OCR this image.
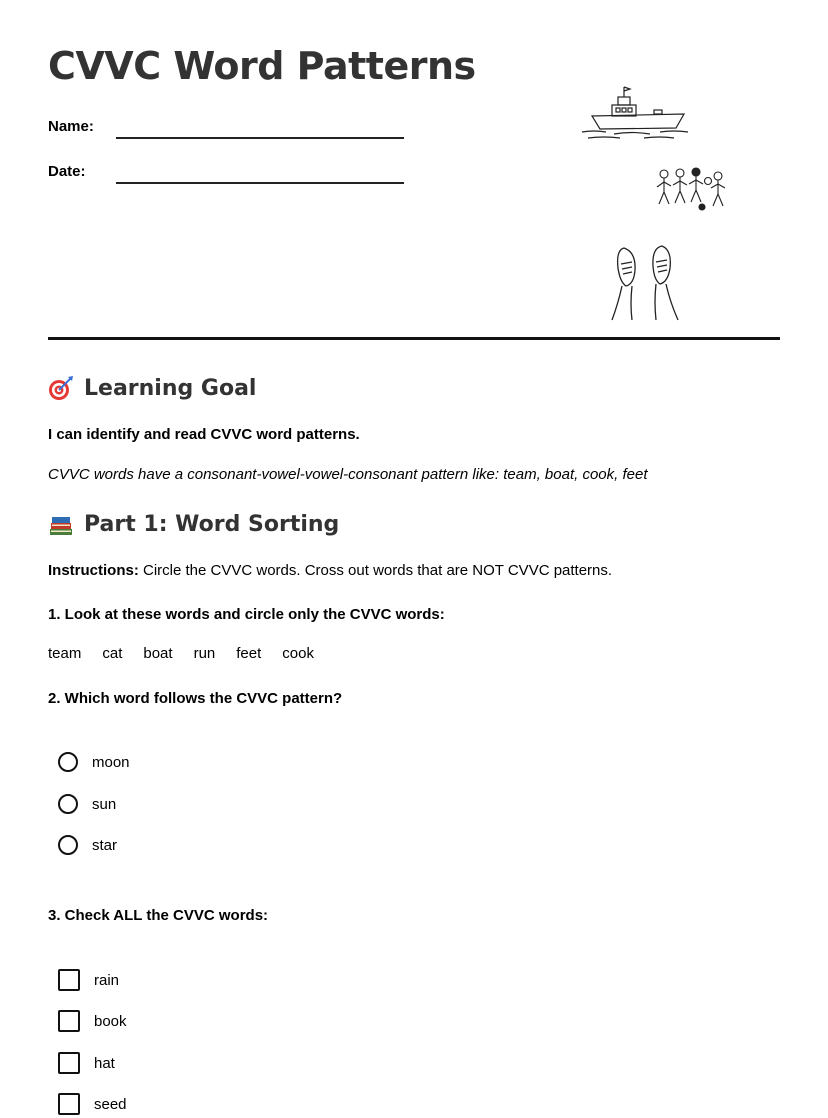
CVVC Word Patterns
Name:
Date:
Learning Goal
I can identify and read CVVC word patterns.
CVVC words have a consonant-vowel-vowel-consonant pattern like: team, boat, cook, feet
Part 1: Word Sorting
Instructions: Circle the CVVC words. Cross out words that are NOT CVVC patterns.
1. Look at these words and circle only the CVVC words:
team cat boat run feet cook
2. Which word follows the CVVC pattern?
moon
sun
star
3. Check ALL the CVVC words:
rain
book
hat
seed
